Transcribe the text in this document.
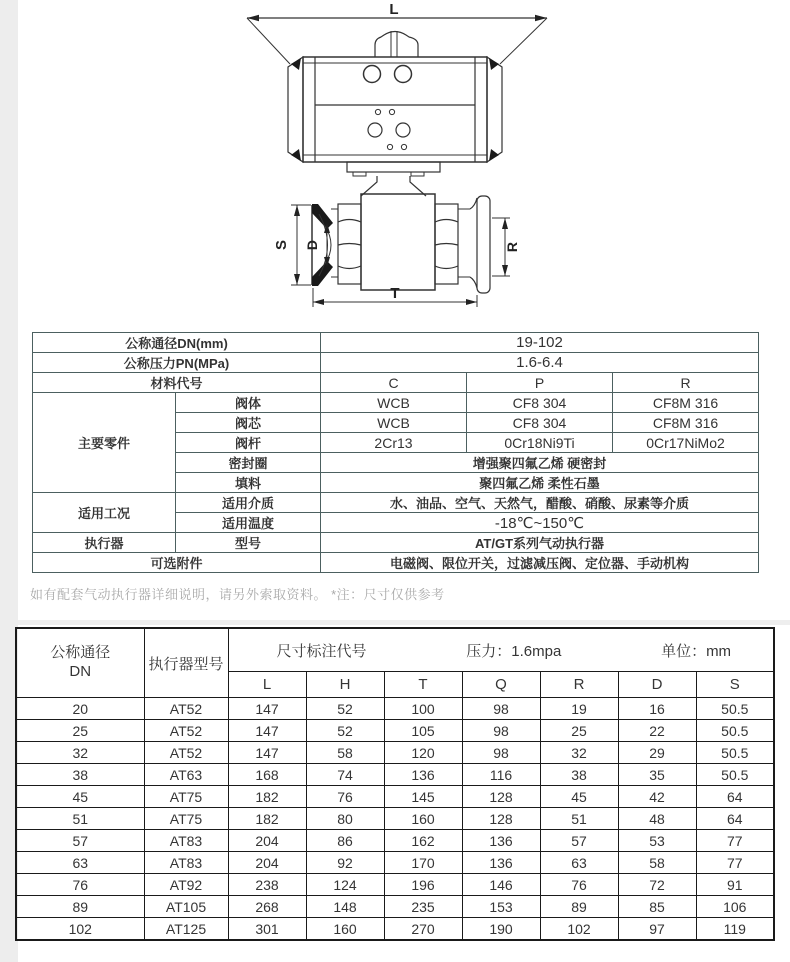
L
D
S	R
T
公称通径DN(mm)		19-102		
公称压力PN(MPa)		1.6-6.4		
材料代号		C	P	R
主要零件	阀体	WCB	CF8 304	CF8M 316
	阀芯	WCB	CF8 304	CF8M 316
	阀杆	2Cr13	0Cr18Ni9Ti	0Cr17NiMo2
	密封圈	增强聚四氟乙烯 硬密封		
	填料	聚四氟乙烯 柔性石墨		
适用工况	适用介质	水、油品、空气、天然气，醋酸、硝酸、尿素等介质		
	适用温度	-18℃~150℃		
执行器	型号	AT/GT系列气动执行器		
可选附件		电磁阀、限位开关，过滤减压阀、定位器、手动机构		
如有配套气动执行器详细说明，请另外索取资料。 *注：尺寸仅供参考
公称通径
DN	执行器型号	尺寸标注代号 压力：1.6mpa 单位：mm						

		L	H	T	Q	R	D	S
20	AT52	147	52	100	98	19	16	50.5
25	AT52	147	52	105	98	25	22	50.5
32	AT52	147	58	120	98	32	29	50.5
38	AT63	168	74	136	116	38	35	50.5
45	AT75	182	76	145	128	45	42	64
51	AT75	182	80	160	128	51	48	64
57	AT83	204	86	162	136	57	53	77
63	AT83	204	92	170	136	63	58	77
76	AT92	238	124	196	146	76	72	91
89	AT105	268	148	235	153	89	85	106
102	AT125	301	160	270	190	102	97	119
